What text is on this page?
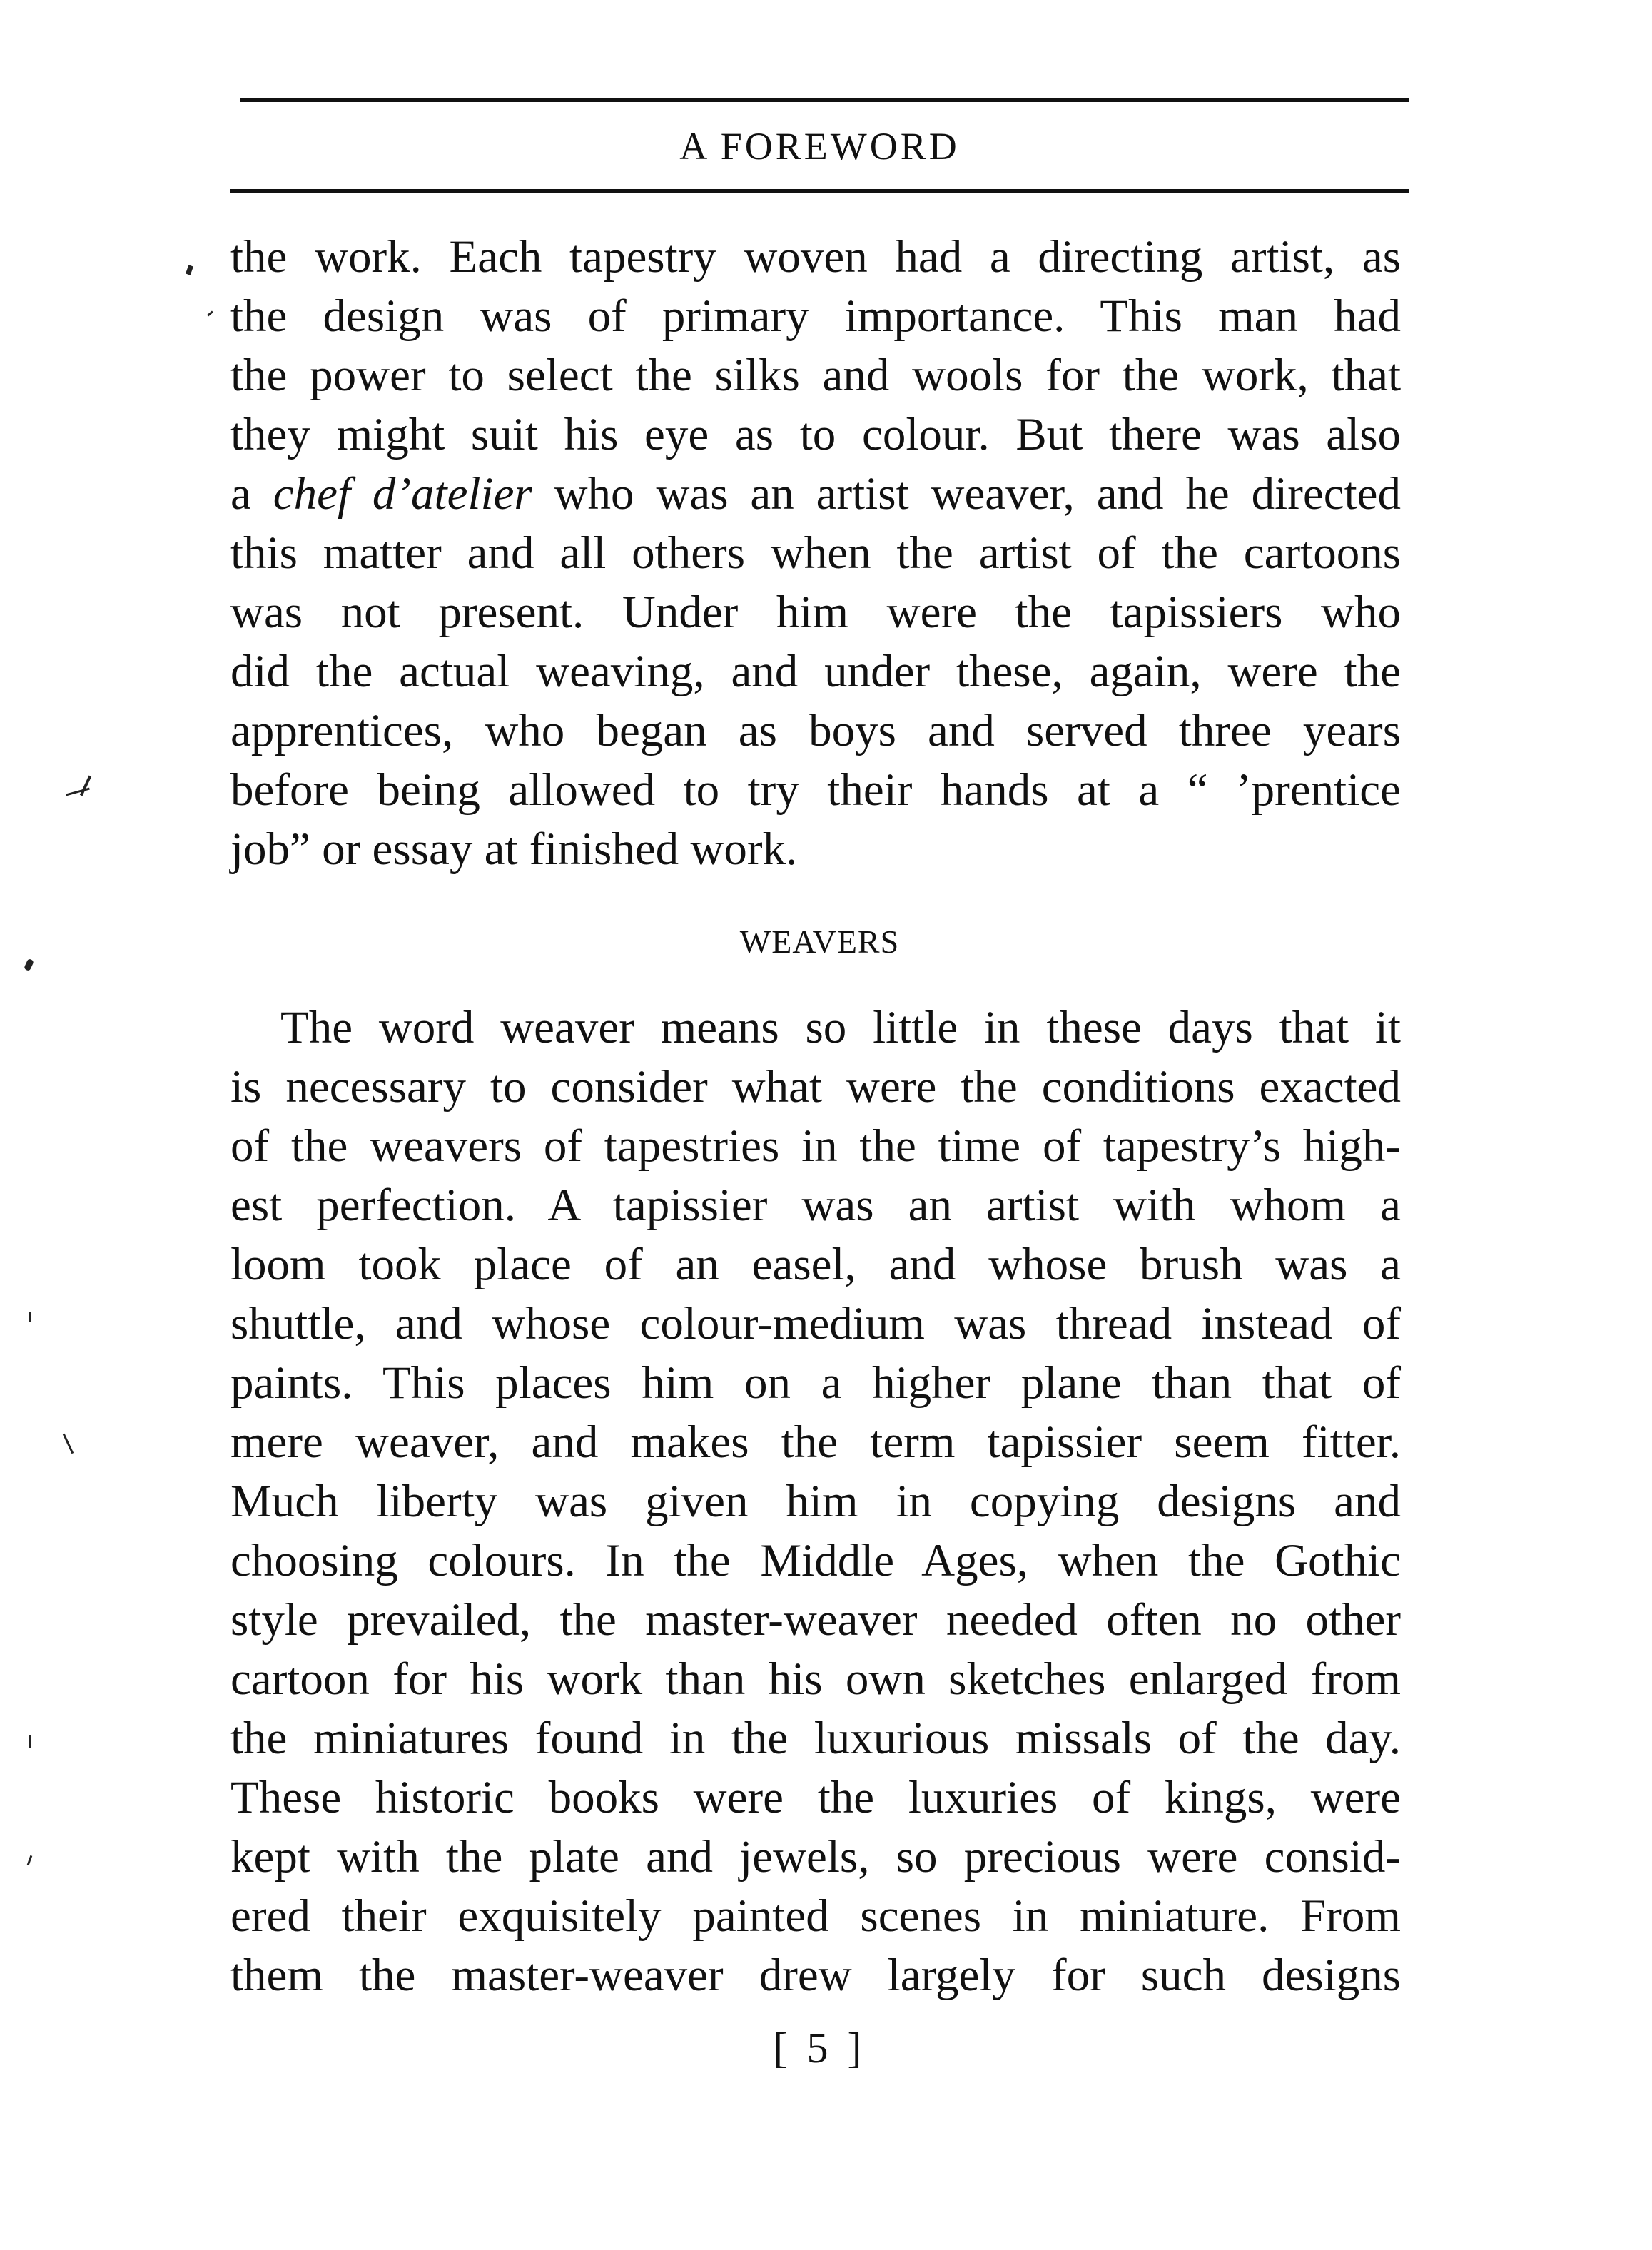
A FOREWORD
the work. Each tapestry woven had a directing artist, as
the design was of primary importance. This man had
the power to select the silks and wools for the work, that
they might suit his eye as to colour. But there was also
a chef d’atelier who was an artist weaver, and he directed
this matter and all others when the artist of the cartoons
was not present. Under him were the tapissiers who
did the actual weaving, and under these, again, were the
apprentices, who began as boys and served three years
before being allowed to try their hands at a “ ’prentice
job” or essay at finished work.
WEAVERS
The word weaver means so little in these days that it
is necessary to consider what were the conditions exacted
of the weavers of tapestries in the time of tapestry’s high-
est perfection. A tapissier was an artist with whom a
loom took place of an easel, and whose brush was a
shuttle, and whose colour-medium was thread instead of
paints. This places him on a higher plane than that of
mere weaver, and makes the term tapissier seem fitter.
Much liberty was given him in copying designs and
choosing colours. In the Middle Ages, when the Gothic
style prevailed, the master-weaver needed often no other
cartoon for his work than his own sketches enlarged from
the miniatures found in the luxurious missals of the day.
These historic books were the luxuries of kings, were
kept with the plate and jewels, so precious were consid-
ered their exquisitely painted scenes in miniature. From
them the master-weaver drew largely for such designs
[ 5 ]
